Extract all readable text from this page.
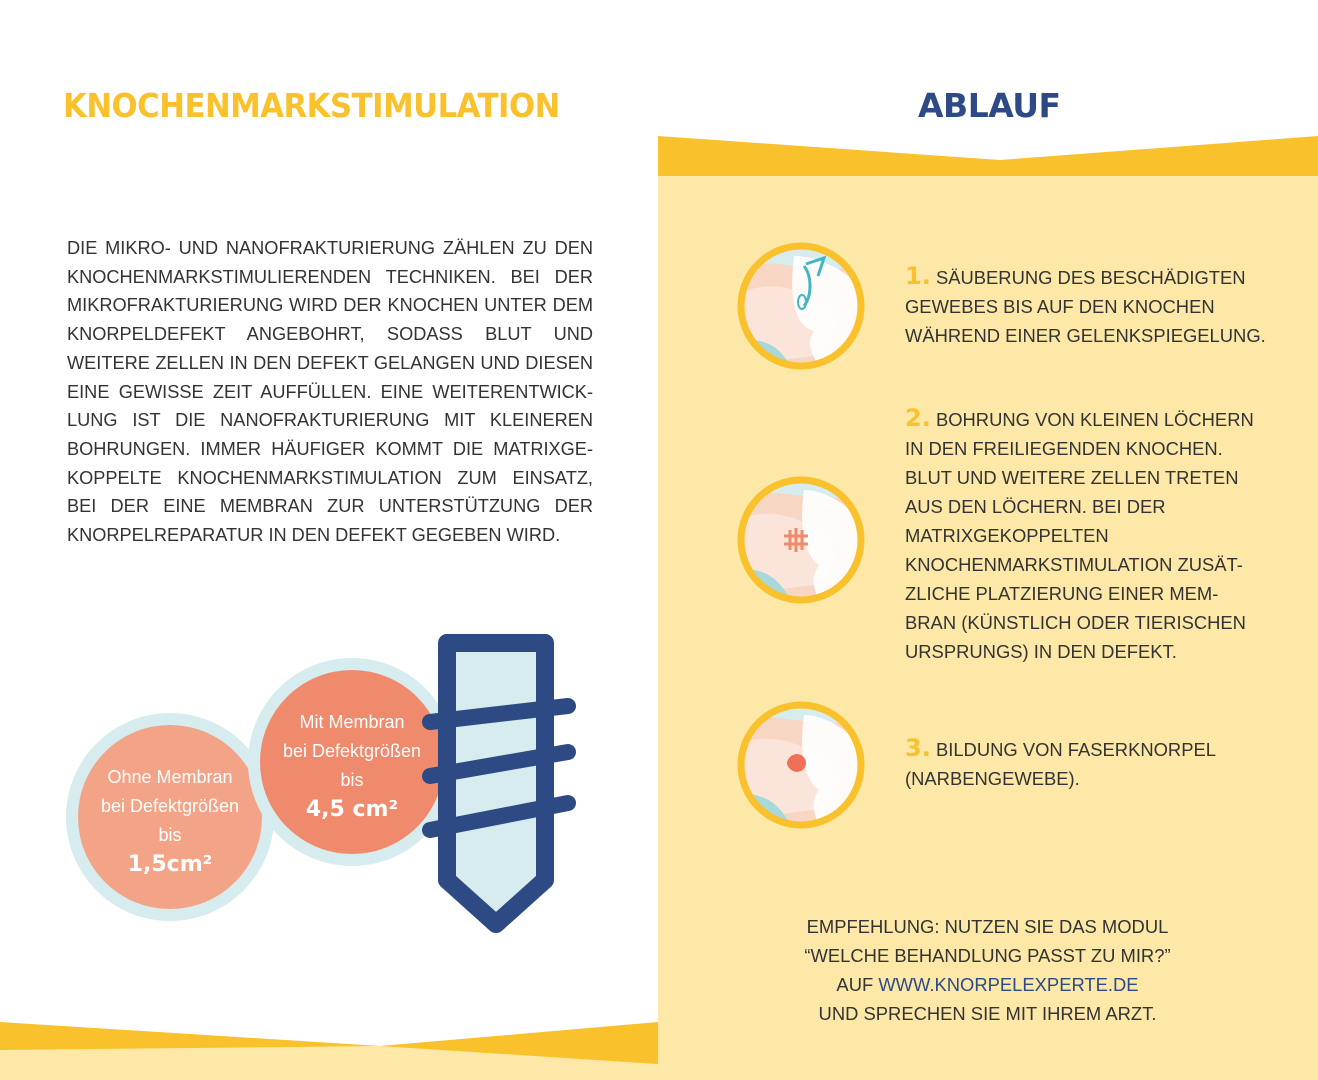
KNOCHENMARKSTIMULATION	ABLAUF

DIE MIKRO- UND NANOFRAKTURIERUNG ZÄHLEN ZU DEN KNOCHENMARKSTIMULIERENDEN TECHNIKEN. BEI DER MIKROFRAKTURIERUNG WIRD DER KNOCHEN UNTER DEM KNORPELDEFEKT ANGEBOHRT, SODASS BLUT UND WEITERE ZELLEN IN DEN DEFEKT GELANGEN UND DIESEN EINE GEWISSE ZEIT AUFFÜLLEN. EINE WEITERENTWICK-LUNG IST DIE NANOFRAKTURIERUNG MIT KLEINEREN BOHRUNGEN. IMMER HÄUFIGER KOMMT DIE MATRIXGE-KOPPELTE KNOCHENMARKSTIMULATION ZUM EINSATZ, BEI DER EINE MEMBRAN ZUR UNTERSTÜTZUNG DER KNORPELREPARATUR IN DEN DEFEKT GEGEBEN WIRD.

Ohne Membran
bei Defektgrößen
bis
1,5cm²
Mit Membran
bei Defektgrößen
bis
4,5 cm²

1. SÄUBERUNG DES BESCHÄDIGTEN GEWEBES BIS AUF DEN KNOCHEN WÄHREND EINER GELENKSPIEGELUNG.

2. BOHRUNG VON KLEINEN LÖCHERN IN DEN FREILIEGENDEN KNOCHEN. BLUT UND WEITERE ZELLEN TRETEN AUS DEN LÖCHERN. BEI DER MATRIXGEKOPPELTEN KNOCHENMARKSTIMULATION ZUSÄT-ZLICHE PLATZIERUNG EINER MEM-BRAN (KÜNSTLICH ODER TIERISCHEN URSPRUNGS) IN DEN DEFEKT.

3. BILDUNG VON FASERKNORPEL (NARBENGEWEBE).

EMPFEHLUNG: NUTZEN SIE DAS MODUL
“WELCHE BEHANDLUNG PASST ZU MIR?”
AUF WWW.KNORPELEXPERTE.DE
UND SPRECHEN SIE MIT IHREM ARZT.
